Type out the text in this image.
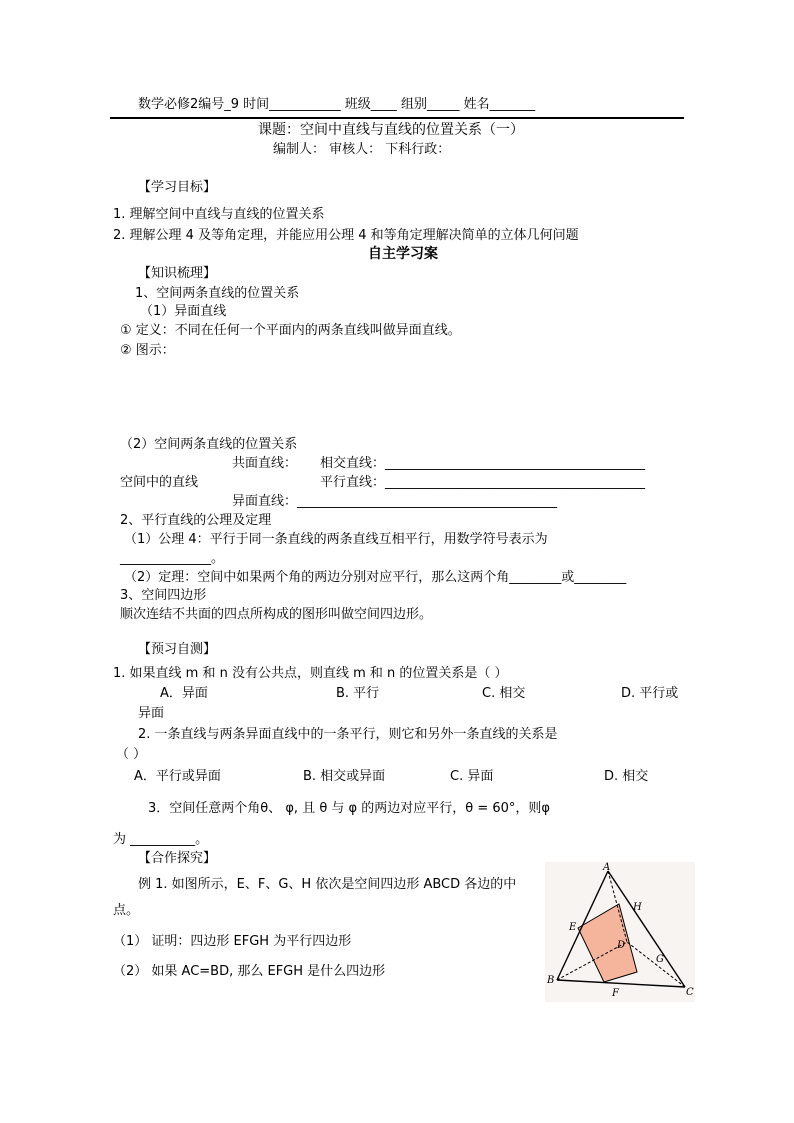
数学必修2编号_9 时间___________ 班级____ 组别_____ 姓名_______
课题：空间中直线与直线的位置关系（一）
编制人： 审核人： 下科行政：
【学习目标】
1. 理解空间中直线与直线的位置关系
2. 理解公理 4 及等角定理，并能应用公理 4 和等角定理解决简单的立体几何问题
自主学习案
【知识梳理】
1、空间两条直线的位置关系
（1）异面直线
① 定义：不同在任何一个平面内的两条直线叫做异面直线。
② 图示：
（2）空间两条直线的位置关系
共面直线： 相交直线：________________________________________
空间中的直线	平行直线：________________________________________
异面直线：________________________________________
2、平行直线的公理及定理
（1）公理 4：平行于同一条直线的两条直线互相平行，用数学符号表示为
______________。
（2）定理：空间中如果两个角的两边分别对应平行，那么这两个角________或________
3、空间四边形
顺次连结不共面的四点所构成的图形叫做空间四边形。
【预习自测】
1. 如果直线 m 和 n 没有公共点，则直线 m 和 n 的位置关系是（ ）
A．异面	B. 平行	C. 相交	D. 平行或
异面
2. 一条直线与两条异面直线中的一条平行，则它和另外一条直线的关系是
（ ）
A．平行或异面	B. 相交或异面	C. 异面	D. 相交
3．空间任意两个角θ、 φ, 且 θ 与 φ 的两边对应平行，θ = 60°，则φ
为 __________。
【合作探究】
例 1. 如图所示，E、F、G、H 依次是空间四边形 ABCD 各边的中
点。
（1） 证明：四边形 EFGH 为平行四边形
（2） 如果 AC=BD, 那么 EFGH 是什么四边形
A
B
C
D
E
F
G
H
